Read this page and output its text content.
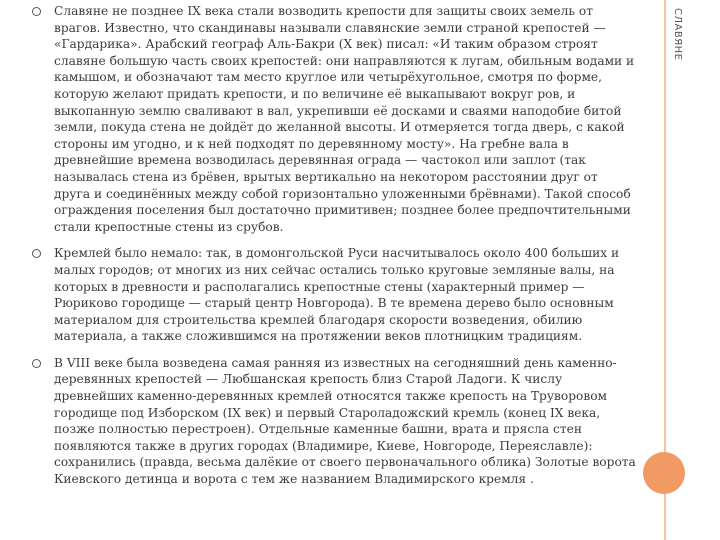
Славяне не позднее IX века стали возводить крепости для защиты своих земель от врагов. Известно, что скандинавы называли славянские земли страной крепостей — «Гардарика». Арабский географ Аль-Бакри (X век) писал: «И таким образом строят славяне большую часть своих крепостей: они направляются к лугам, обильным водами и камышом, и обозначают там место круглое или четырёхугольное, смотря по форме, которую желают придать крепости, и по величине её выкапывают вокруг ров, и выкопанную землю сваливают в вал, укрепивши её досками и сваями наподобие битой земли, покуда стена не дойдёт до желанной высоты. И отмеряется тогда дверь, с какой стороны им угодно, и к ней подходят по деревянному мосту». На гребне вала в древнейшие времена возводилась деревянная ограда — частокол или заплот (так называлась стена из брёвен, врытых вертикально на некотором расстоянии друг от друга и соединённых между собой горизонтально уложенными брёвнами). Такой способ ограждения поселения был достаточно примитивен; позднее более предпочтительными стали крепостные стены из срубов.

Кремлей было немало: так, в домонгольской Руси насчитывалось около 400 больших и малых городов; от многих из них сейчас остались только круговые земляные валы, на которых в древности и располагались крепостные стены (характерный пример — Рюриково городище — старый центр Новгорода). В те времена дерево было основным материалом для строительства кремлей благодаря скорости возведения, обилию материала, а также сложившимся на протяжении веков плотницким традициям.

В VIII веке была возведена самая ранняя из известных на сегодняшний день каменно-деревянных крепостей — Любшанская крепость близ Старой Ладоги. К числу древнейших каменно-деревянных кремлей относятся также крепость на Труворовом городище под Изборском (IX век) и первый Староладожский кремль (конец IX века, позже полностью перестроен). Отдельные каменные башни, врата и прясла стен появляются также в других городах (Владимире, Киеве, Новгороде, Переяславле): сохранились (правда, весьма далёкие от своего первоначального облика) Золотые ворота Киевского детинца и ворота с тем же названием Владимирского кремля .

СЛАВЯНЕ
